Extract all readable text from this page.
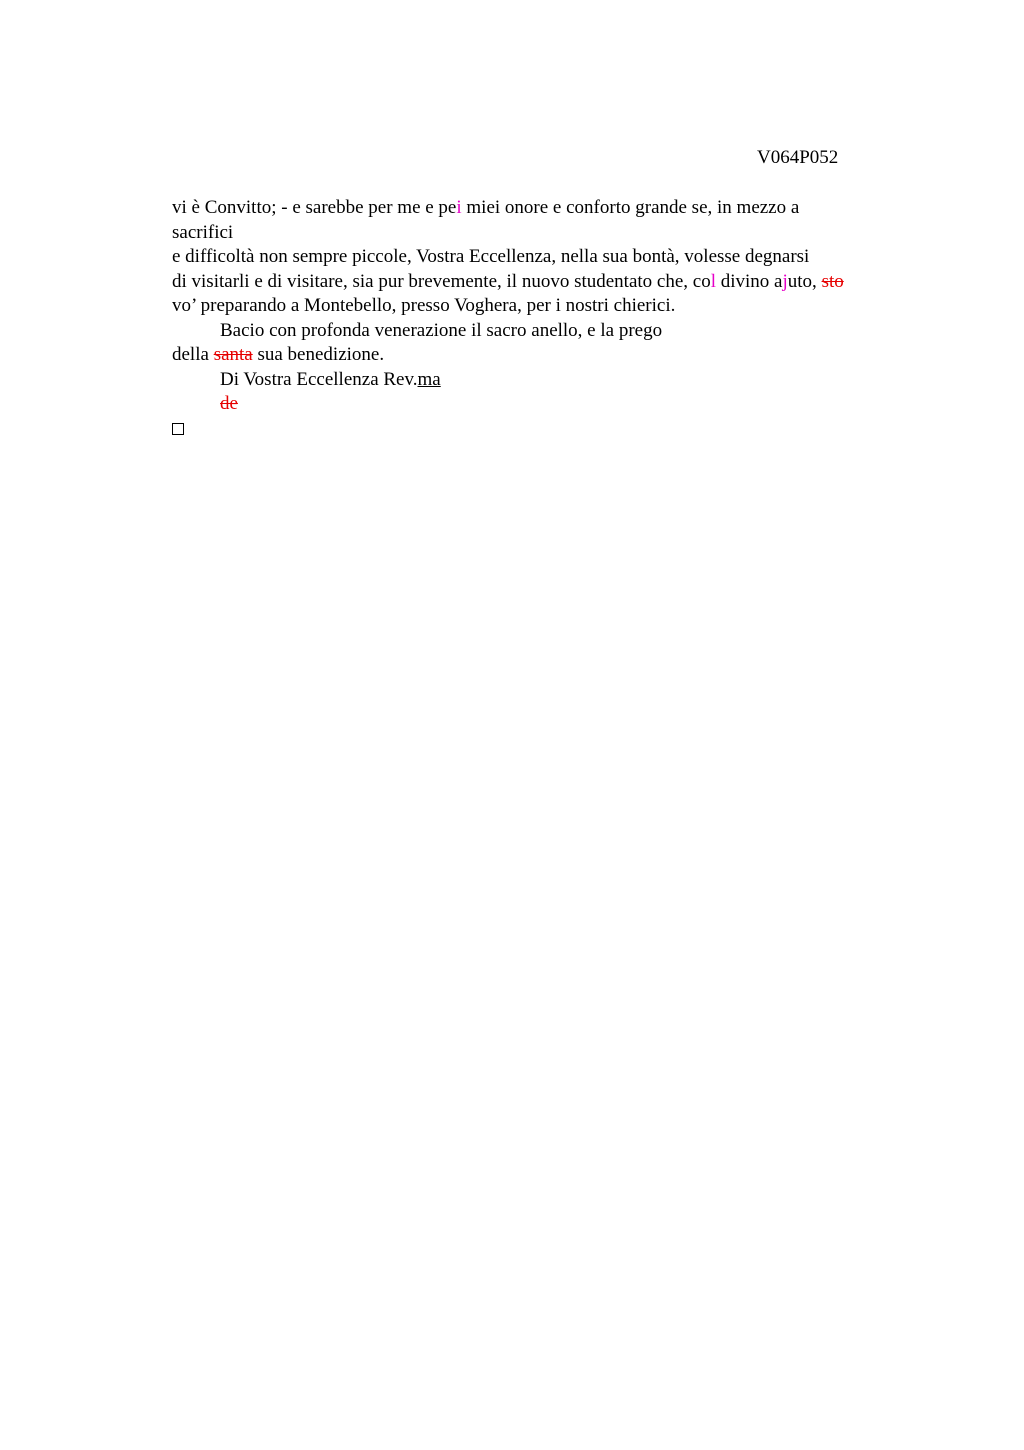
V064P052
vi è Convitto; - e sarebbe per me e pei miei onore e conforto grande se, in mezzo a
sacrifici
e difficoltà non sempre piccole, Vostra Eccellenza, nella sua bontà, volesse degnarsi
di visitarli e di visitare, sia pur brevemente, il nuovo studentato che, col divino ajuto, sto
vo’ preparando a Montebello, presso Voghera, per i nostri chierici.
Bacio con profonda venerazione il sacro anello, e la prego
della santa sua benedizione.
Di Vostra Eccellenza Rev.ma
de
